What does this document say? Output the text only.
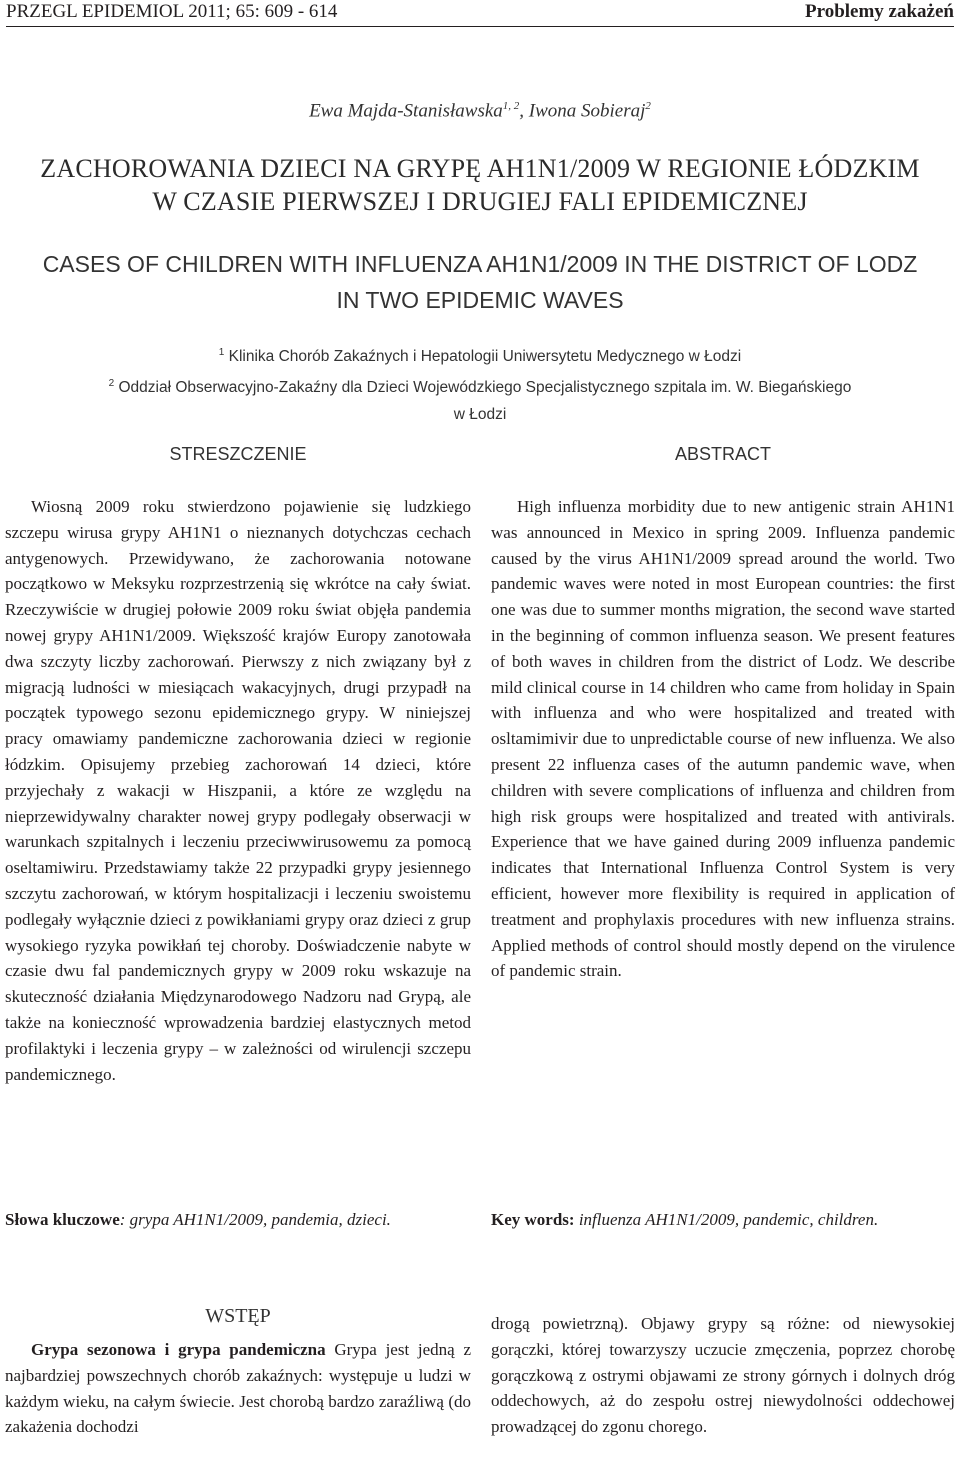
PRZEGL EPIDEMIOL 2011; 65: 609 - 614	Problemy zakażeń
Ewa Majda-Stanisławska$^{1, 2}$, Iwona Sobieraj$^2$
ZACHOROWANIA DZIECI NA GRYPĘ AH1N1/2009 W REGIONIE ŁÓDZKIM
W CZASIE PIERWSZEJ I DRUGIEJ FALI EPIDEMICZNEJ
CASES OF CHILDREN WITH INFLUENZA AH1N1/2009 IN THE DISTRICT OF LODZ
IN TWO EPIDEMIC WAVES
$^1$ Klinika Chorób Zakaźnych i Hepatologii Uniwersytetu Medycznego w Łodzi
$^2$ Oddział Obserwacyjno-Zakaźny dla Dzieci Wojewódzkiego Specjalistycznego szpitala im. W. Biegańskiego
w Łodzi
STRESZCZENIE
Wiosną 2009 roku stwierdzono pojawienie się ludzkiego szczepu wirusa grypy AH1N1 o nieznanych dotychczas cechach antygenowych. Przewidywano, że zachorowania notowane początkowo w Meksyku rozprzestrzenią się wkrótce na cały świat. Rzeczywiście w drugiej połowie 2009 roku świat objęła pandemia nowej grypy AH1N1/2009. Większość krajów Europy zanotowała dwa szczyty liczby zachorowań. Pierwszy z nich związany był z migracją ludności w miesiącach wakacyjnych, drugi przypadł na początek typowego sezonu epidemicznego grypy. W niniejszej pracy omawiamy pandemiczne zachorowania dzieci w regionie łódzkim. Opisujemy przebieg zachorowań 14 dzieci, które przyjechały z wakacji w Hiszpanii, a które ze względu na nieprzewidywalny charakter nowej grypy podlegały obserwacji w warunkach szpitalnych i leczeniu przeciwwirusowemu za pomocą oseltamiwiru. Przedstawiamy także 22 przypadki grypy jesiennego szczytu zachorowań, w którym hospitalizacji i leczeniu swoistemu podlegały wyłącznie dzieci z powikłaniami grypy oraz dzieci z grup wysokiego ryzyka powikłań tej choroby. Doświadczenie nabyte w czasie dwu fal pandemicznych grypy w 2009 roku wskazuje na skuteczność działania Międzynarodowego Nadzoru nad Grypą, ale także na konieczność wprowadzenia bardziej elastycznych metod profilaktyki i leczenia grypy – w zależności od wirulencji szczepu pandemicznego.
Słowa kluczowe: grypa AH1N1/2009, pandemia, dzieci.
ABSTRACT
High influenza morbidity due to new antigenic strain AH1N1 was announced in Mexico in spring 2009. Influenza pandemic caused by the virus AH1N1/2009 spread around the world. Two pandemic waves were noted in most European countries: the first one was due to summer months migration, the second wave started in the beginning of common influenza season. We present features of both waves in children from the district of Lodz. We describe mild clinical course in 14 children who came from holiday in Spain with influenza and who were hospitalized and treated with osltamimivir due to unpredictable course of new influenza. We also present 22 influenza cases of the autumn pandemic wave, when children with severe complications of influenza and children from high risk groups were hospitalized and treated with antivirals. Experience that we have gained during 2009 influenza pandemic indicates that International Influenza Control System is very efficient, however more flexibility is required in application of treatment and prophylaxis procedures with new influenza strains. Applied methods of control should mostly depend on the virulence of pandemic strain.
Key words: influenza AH1N1/2009, pandemic, children.
WSTĘP
Grypa sezonowa i grypa pandemiczna Grypa jest jedną z najbardziej powszechnych chorób zakaźnych: występuje u ludzi w każdym wieku, na całym świecie. Jest chorobą bardzo zaraźliwą (do zakażenia dochodzi
drogą powietrzną). Objawy grypy są różne: od niewysokiej gorączki, której towarzyszy uczucie zmęczenia, poprzez chorobę gorączkową z ostrymi objawami ze strony górnych i dolnych dróg oddechowych, aż do zespołu ostrej niewydolności oddechowej prowadzącej do zgonu chorego.
